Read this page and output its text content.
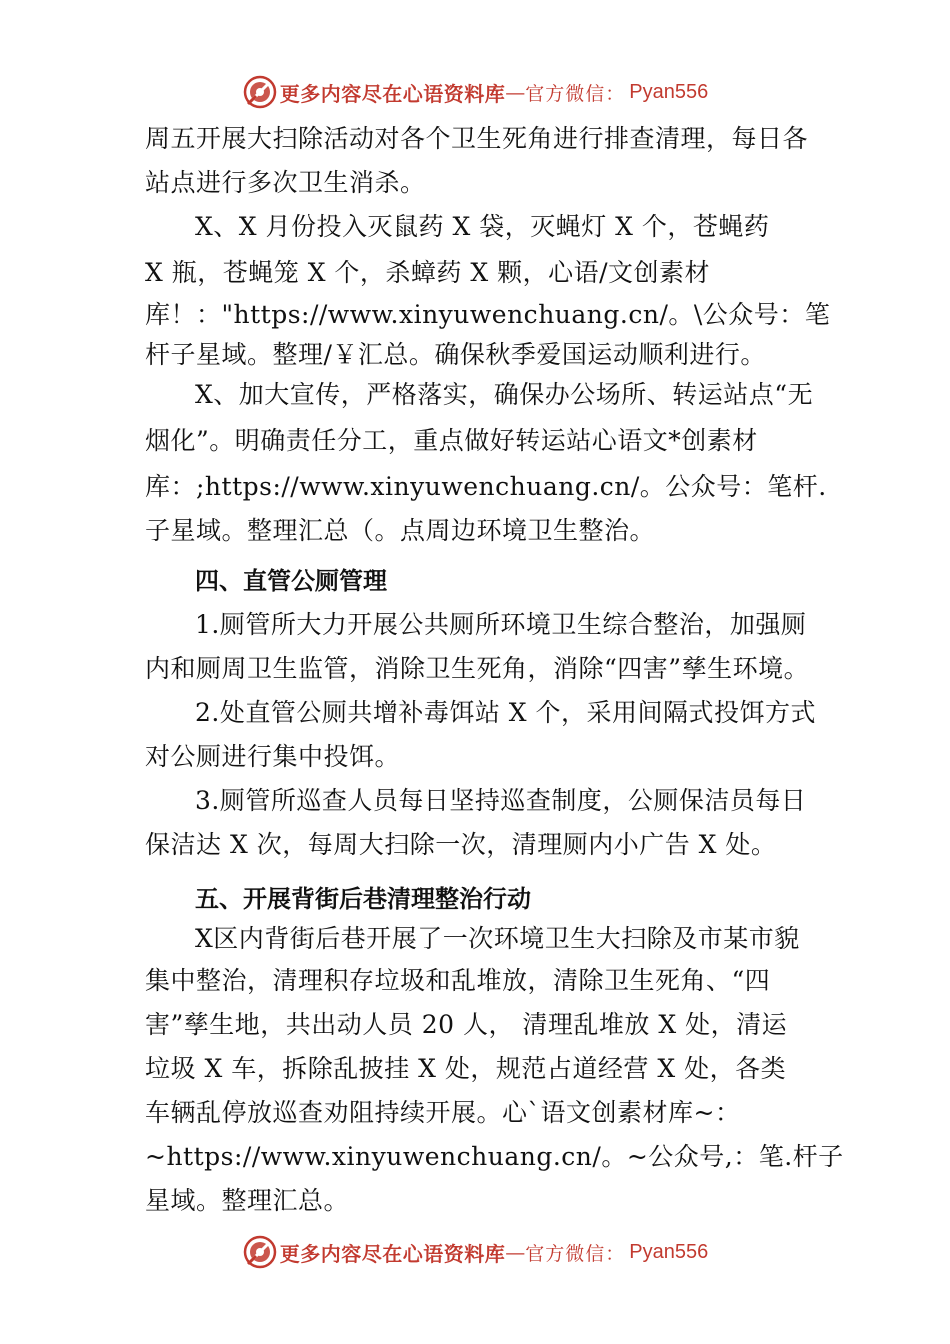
更多内容尽在心语资料库 — 官方微信： Pyan556
周五开展大扫除活动对各个卫生死角进行排查清理，每日各
站点进行多次卫生消杀。
X、X 月份投入灭鼠药 X 袋，灭蝇灯 X 个，苍蝇药
X 瓶，苍蝇笼 X 个，杀蟑药 X 颗，心语/文创素材
库！："https://www.xinyuwenchuang.cn/。\公众号：笔
杆子星域。整理/￥汇总。确保秋季爱国运动顺利进行。
X、加大宣传，严格落实，确保办公场所、转运站点“无
烟化”。明确责任分工，重点做好转运站心语文*创素材
库：;https://www.xinyuwenchuang.cn/。公众号：笔杆.
子星域。整理汇总（。点周边环境卫生整治。
四、直管公厕管理
1.厕管所大力开展公共厕所环境卫生综合整治，加强厕
内和厕周卫生监管，消除卫生死角，消除“四害”孳生环境。
2.处直管公厕共增补毒饵站 X 个，采用间隔式投饵方式
对公厕进行集中投饵。
3.厕管所巡查人员每日坚持巡查制度，公厕保洁员每日
保洁达 X 次，每周大扫除一次，清理厕内小广告 X 处。
五、开展背街后巷清理整治行动
X区内背街后巷开展了一次环境卫生大扫除及市某市貌
集中整治，清理积存垃圾和乱堆放，清除卫生死角、“四
害”孳生地，共出动人员 20 人， 清理乱堆放 X 处，清运
垃圾 X 车，拆除乱披挂 X 处，规范占道经营 X 处，各类
车辆乱停放巡查劝阻持续开展。心`语文创素材库~：
~https://www.xinyuwenchuang.cn/。~公众号,：笔.杆子
星域。整理汇总。
更多内容尽在心语资料库 — 官方微信： Pyan556
